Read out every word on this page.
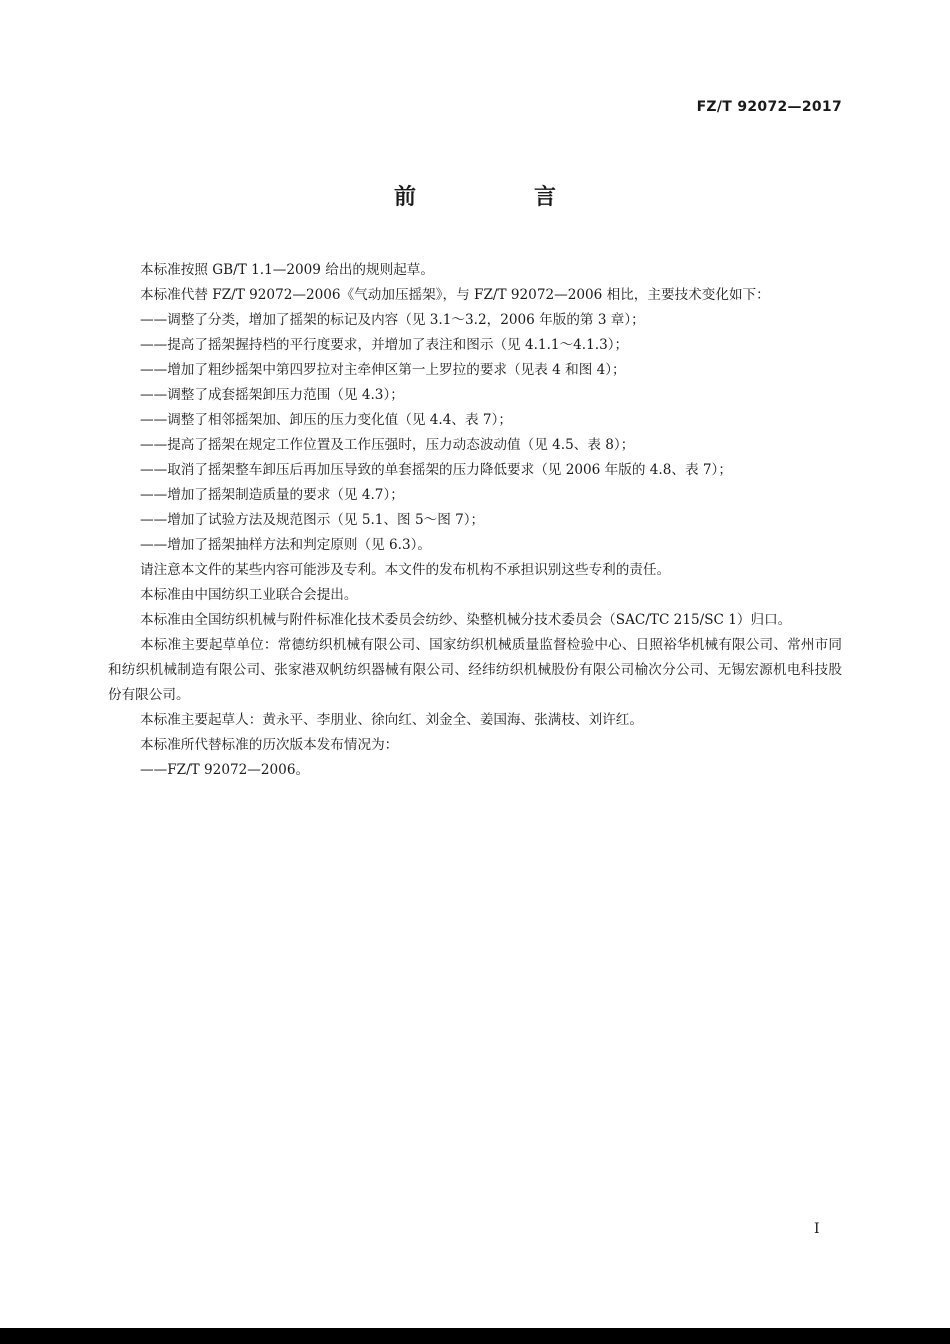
FZ/T 92072—2017
前　言

本标准按照 GB/T 1.1—2009 给出的规则起草。

本标准代替 FZ/T 92072—2006《气动加压摇架》，与 FZ/T 92072—2006 相比，主要技术变化如下：

——调整了分类，增加了摇架的标记及内容（见 3.1～3.2，2006 年版的第 3 章）；

——提高了摇架握持档的平行度要求，并增加了表注和图示（见 4.1.1～4.1.3）；

——增加了粗纱摇架中第四罗拉对主牵伸区第一上罗拉的要求（见表 4 和图 4）；

——调整了成套摇架卸压力范围（见 4.3）；

——调整了相邻摇架加、卸压的压力变化值（见 4.4、表 7）；

——提高了摇架在规定工作位置及工作压强时，压力动态波动值（见 4.5、表 8）；

——取消了摇架整车卸压后再加压导致的单套摇架的压力降低要求（见 2006 年版的 4.8、表 7）；

——增加了摇架制造质量的要求（见 4.7）；

——增加了试验方法及规范图示（见 5.1、图 5～图 7）；

——增加了摇架抽样方法和判定原则（见 6.3）。

请注意本文件的某些内容可能涉及专利。本文件的发布机构不承担识别这些专利的责任。

本标准由中国纺织工业联合会提出。

本标准由全国纺织机械与附件标准化技术委员会纺纱、染整机械分技术委员会（SAC/TC 215/SC 1）归口。

本标准主要起草单位：常德纺织机械有限公司、国家纺织机械质量监督检验中心、日照裕华机械有限公司、常州市同和纺织机械制造有限公司、张家港双帆纺织器械有限公司、经纬纺织机械股份有限公司榆次分公司、无锡宏源机电科技股份有限公司。

本标准主要起草人：黄永平、李朋业、徐向红、刘金全、姜国海、张满枝、刘许红。

本标准所代替标准的历次版本发布情况为：

——FZ/T 92072—2006。

I
